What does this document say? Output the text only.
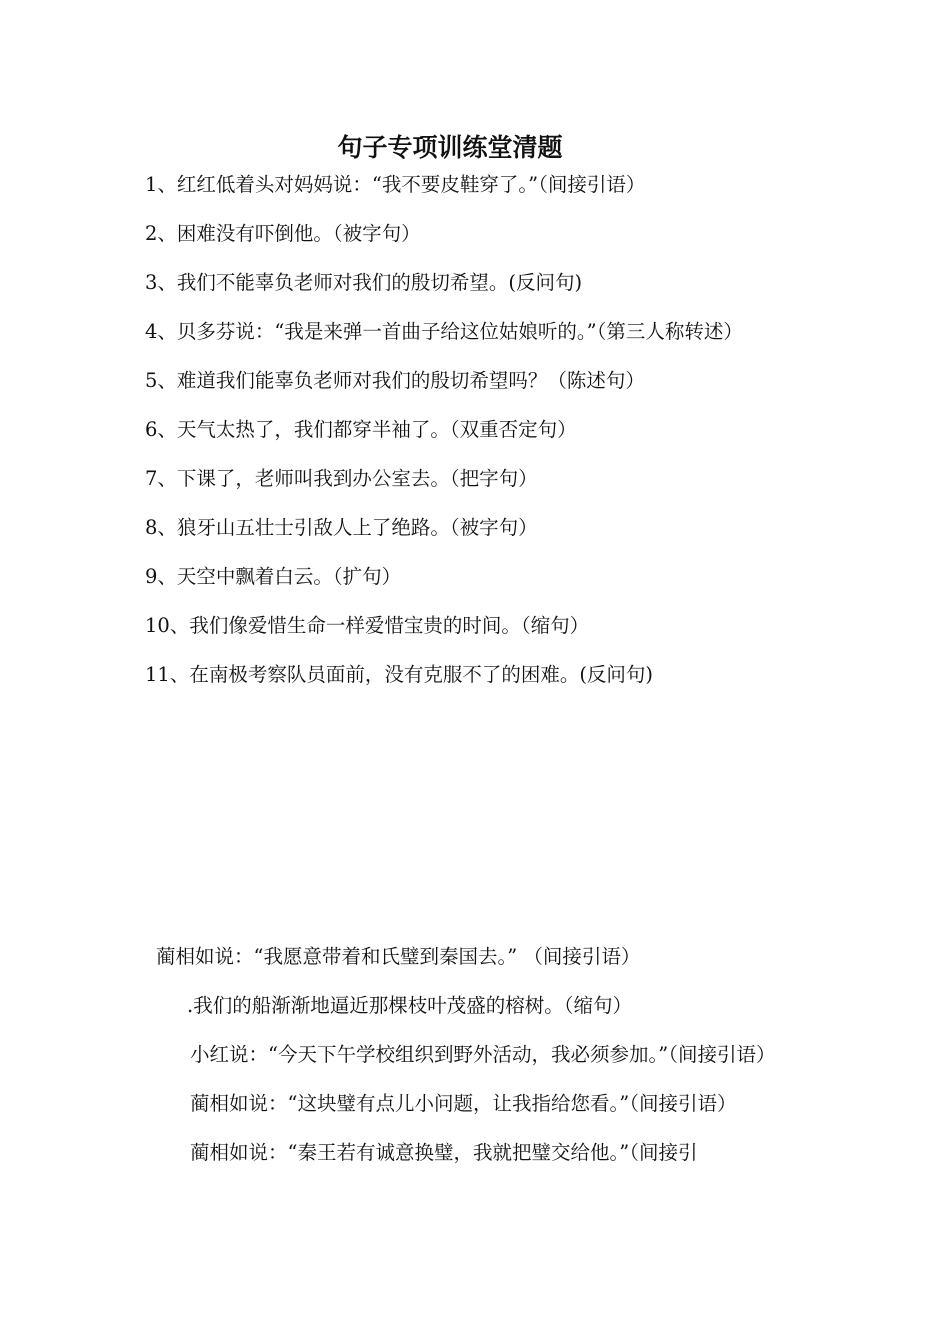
句子专项训练堂清题
1、红红低着头对妈妈说：“我不要皮鞋穿了。”（间接引语）
2、困难没有吓倒他。（被字句）
3、我们不能辜负老师对我们的殷切希望。(反问句)
4、贝多芬说：“我是来弹一首曲子给这位姑娘听的。”（第三人称转述）
5、难道我们能辜负老师对我们的殷切希望吗？（陈述句）
6、天气太热了，我们都穿半袖了。（双重否定句）
7、下课了，老师叫我到办公室去。（把字句）
8、狼牙山五壮士引敌人上了绝路。（被字句）
9、天空中飘着白云。（扩句）
10、我们像爱惜生命一样爱惜宝贵的时间。（缩句）
11、在南极考察队员面前，没有克服不了的困难。(反问句)

蔺相如说：“我愿意带着和氏璧到秦国去。” （间接引语）

.我们的船渐渐地逼近那棵枝叶茂盛的榕树。（缩句）

小红说：“今天下午学校组织到野外活动，我必须参加。”（间接引语）

蔺相如说：“这块璧有点儿小问题，让我指给您看。”（间接引语）

蔺相如说：“秦王若有诚意换璧，我就把璧交给他。”（间接引
